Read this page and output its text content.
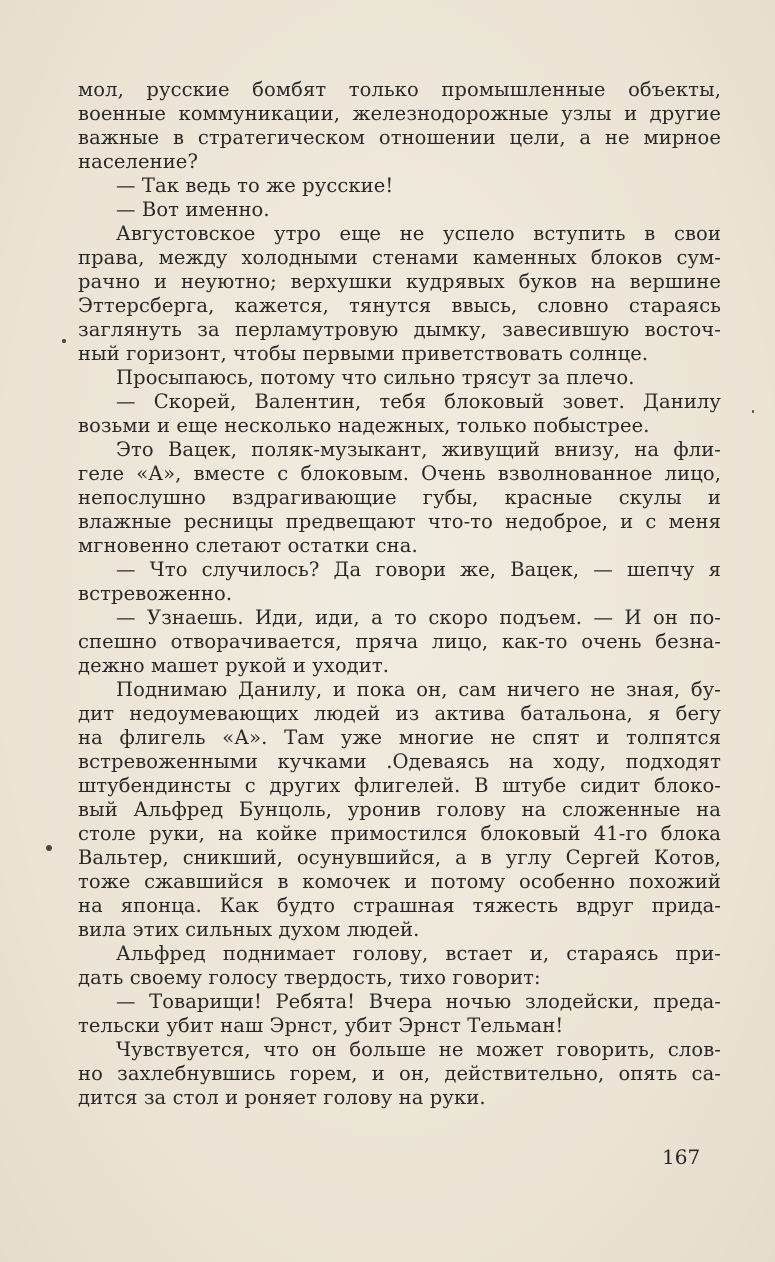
мол, русские бомбят только промышленные объекты,
военные коммуникации, железнодорожные узлы и другие
важные в стратегическом отношении цели, а не мирное
население?
— Так ведь то же русские!
— Вот именно.
Августовское утро еще не успело вступить в свои
права, между холодными стенами каменных блоков сум-
рачно и неуютно; верхушки кудрявых буков на вершине
Эттерсберга, кажется, тянутся ввысь, словно стараясь
заглянуть за перламутровую дымку, завесившую восточ-
ный горизонт, чтобы первыми приветствовать солнце.
Просыпаюсь, потому что сильно трясут за плечо.
— Скорей, Валентин, тебя блоковый зовет. Данилу
возьми и еще несколько надежных, только побыстрее.
Это Вацек, поляк-музыкант, живущий внизу, на фли-
геле «А», вместе с блоковым. Очень взволнованное лицо,
непослушно вздрагивающие губы, красные скулы и
влажные ресницы предвещают что-то недоброе, и с меня
мгновенно слетают остатки сна.
— Что случилось? Да говори же, Вацек, — шепчу я
встревоженно.
— Узнаешь. Иди, иди, а то скоро подъем. — И он по-
спешно отворачивается, пряча лицо, как-то очень безна-
дежно машет рукой и уходит.
Поднимаю Данилу, и пока он, сам ничего не зная, бу-
дит недоумевающих людей из актива батальона, я бегу
на флигель «А». Там уже многие не спят и толпятся
встревоженными кучками .Одеваясь на ходу, подходят
штубендинсты с других флигелей. В штубе сидит блоко-
вый Альфред Бунцоль, уронив голову на сложенные на
столе руки, на койке примостился блоковый 41-го блока
Вальтер, сникший, осунувшийся, а в углу Сергей Котов,
тоже сжавшийся в комочек и потому особенно похожий
на японца. Как будто страшная тяжесть вдруг прида-
вила этих сильных духом людей.
Альфред поднимает голову, встает и, стараясь при-
дать своему голосу твердость, тихо говорит:
— Товарищи! Ребята! Вчера ночью злодейски, преда-
тельски убит наш Эрнст, убит Эрнст Тельман!
Чувствуется, что он больше не может говорить, слов-
но захлебнувшись горем, и он, действительно, опять са-
дится за стол и роняет голову на руки.
167
